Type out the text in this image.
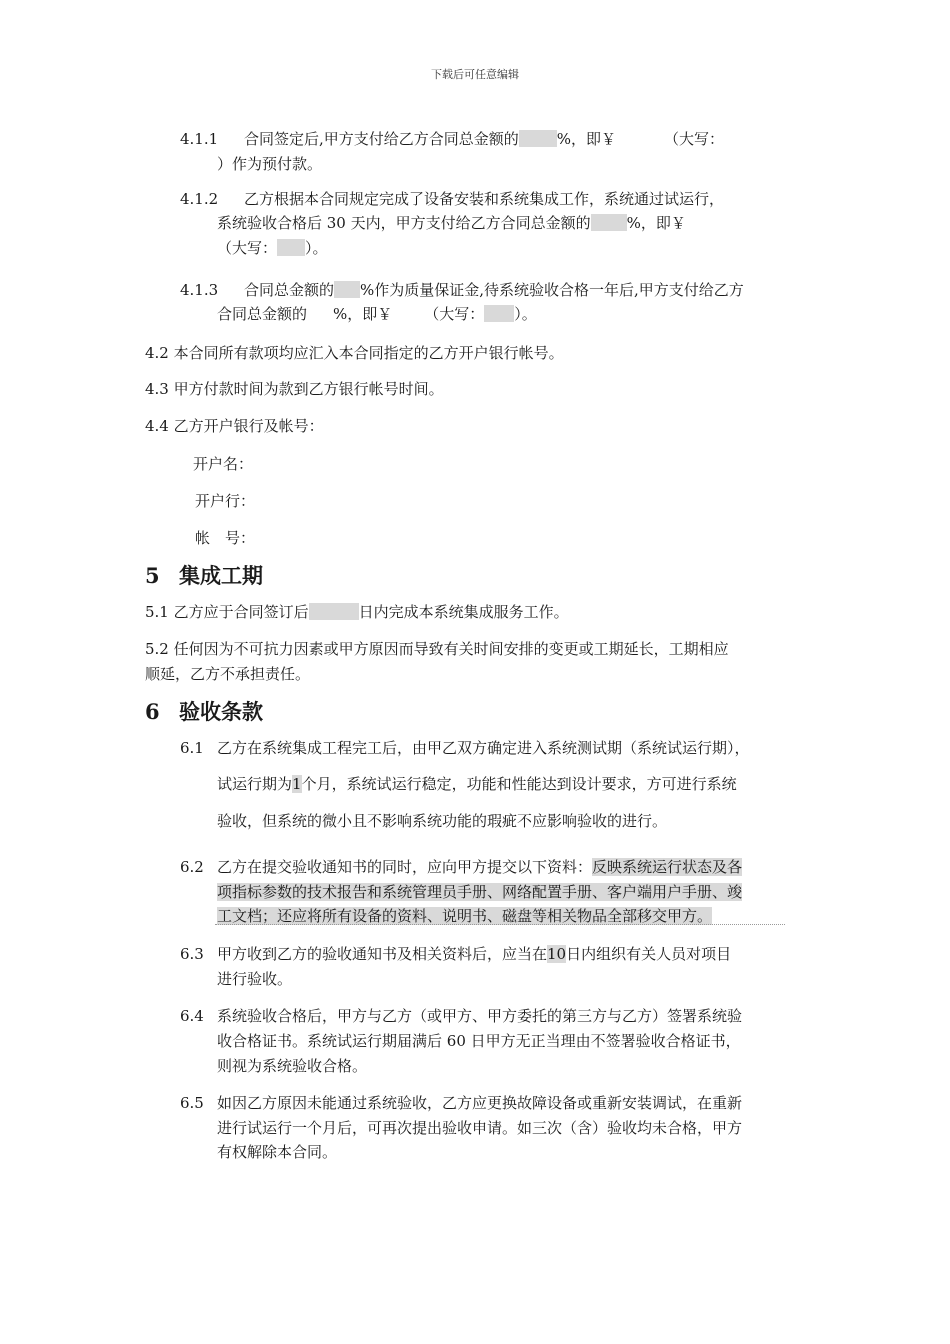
下载后可任意编辑
4.1.1 合同签定后,甲方支付给乙方合同总金额的	%，即￥	（大写：
）作为预付款。
4.1.2 乙方根据本合同规定完成了设备安装和系统集成工作，系统通过试运行，
系统验收合格后 30 天内，甲方支付给乙方合同总金额的 %，即￥
（大写： ）。
4.1.3 合同总金额的 %作为质量保证金,待系统验收合格一年后,甲方支付给乙方
合同总金额的 %，即￥ （大写： ）。
4.2 本合同所有款项均应汇入本合同指定的乙方开户银行帐号。
4.3 甲方付款时间为款到乙方银行帐号时间。
4.4 乙方开户银行及帐号：
开户名：
开户行：
帐　号：
5 集成工期
5.1 乙方应于合同签订后	日内完成本系统集成服务工作。
5.2 任何因为不可抗力因素或甲方原因而导致有关时间安排的变更或工期延长，工期相应
顺延，乙方不承担责任。
6 验收条款
6.1 乙方在系统集成工程完工后，由甲乙双方确定进入系统测试期（系统试运行期），
试运行期为1个月，系统试运行稳定，功能和性能达到设计要求，方可进行系统
验收，但系统的微小且不影响系统功能的瑕疵不应影响验收的进行。
6.2 乙方在提交验收通知书的同时，应向甲方提交以下资料：反映系统运行状态及各
项指标参数的技术报告和系统管理员手册、网络配置手册、客户端用户手册、竣
工文档；还应将所有设备的资料、说明书、磁盘等相关物品全部移交甲方。
6.3 甲方收到乙方的验收通知书及相关资料后，应当在10日内组织有关人员对项目
进行验收。
6.4 系统验收合格后，甲方与乙方（或甲方、甲方委托的第三方与乙方）签署系统验
收合格证书。系统试运行期届满后 60 日甲方无正当理由不签署验收合格证书，
则视为系统验收合格。
6.5 如因乙方原因未能通过系统验收，乙方应更换故障设备或重新安装调试，在重新
进行试运行一个月后，可再次提出验收申请。如三次（含）验收均未合格，甲方
有权解除本合同。
